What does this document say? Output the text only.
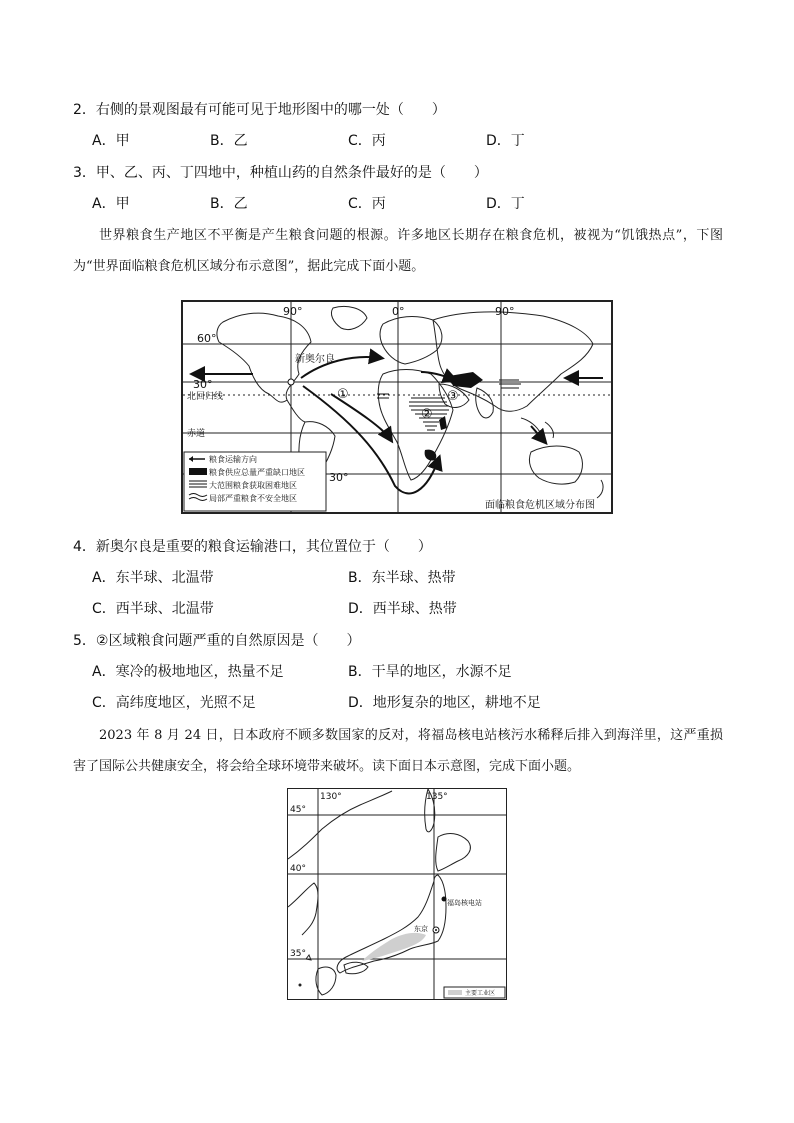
2．右侧的景观图最有可能可见于地形图中的哪一处（　　）
A．甲	B．乙	C．丙	D．丁
3．甲、乙、丙、丁四地中，种植山药的自然条件最好的是（　　）
A．甲	B．乙	C．丙	D．丁
世界粮食生产地区不平衡是产生粮食问题的根源。许多地区长期存在粮食危机，被视为“饥饿热点”，下图为“世界面临粮食危机区域分布示意图”，据此完成下面小题。
90°	0°	90°
60°
30°
北回归线
赤道
30°
新奥尔良
①
②
③
粮食运输方向
粮食供应总量严重缺口地区
大范围粮食获取困难地区
局部严重粮食不安全地区
面临粮食危机区域分布图
4．新奥尔良是重要的粮食运输港口，其位置位于（　　）
A．东半球、北温带	B．东半球、热带
C．西半球、北温带	D．西半球、热带
5．②区域粮食问题严重的自然原因是（　　）
A．寒冷的极地地区，热量不足	B．干旱的地区，水源不足
C．高纬度地区，光照不足	D．地形复杂的地区，耕地不足
2023 年 8 月 24 日，日本政府不顾多数国家的反对，将福岛核电站核污水稀释后排入到海洋里，这严重损害了国际公共健康安全，将会给全球环境带来破坏。读下面日本示意图，完成下面小题。
130°	135°
45°
40°
35°
福岛核电站
东京
主要工业区
